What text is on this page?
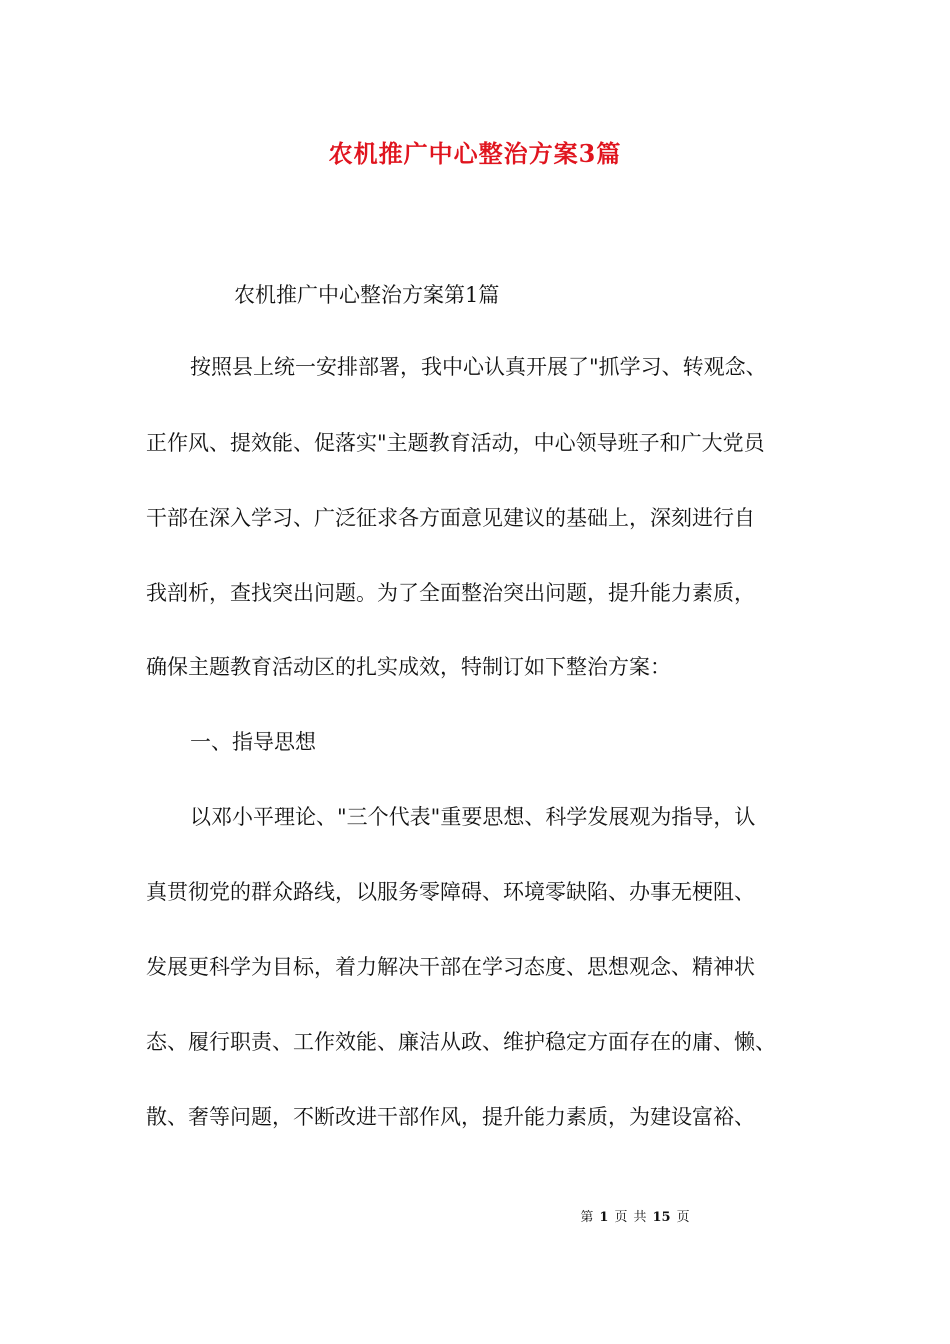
农机推广中心整治方案3篇
农机推广中心整治方案第1篇
按照县上统一安排部署，我中心认真开展了"抓学习、转观念、
正作风、提效能、促落实"主题教育活动，中心领导班子和广大党员
干部在深入学习、广泛征求各方面意见建议的基础上，深刻进行自
我剖析，查找突出问题。为了全面整治突出问题，提升能力素质，
确保主题教育活动区的扎实成效，特制订如下整治方案：
一、指导思想
以邓小平理论、"三个代表"重要思想、科学发展观为指导，认
真贯彻党的群众路线，以服务零障碍、环境零缺陷、办事无梗阻、
发展更科学为目标，着力解决干部在学习态度、思想观念、精神状
态、履行职责、工作效能、廉洁从政、维护稳定方面存在的庸、懒、
散、奢等问题，不断改进干部作风，提升能力素质，为建设富裕、
第 1 页 共 15 页
